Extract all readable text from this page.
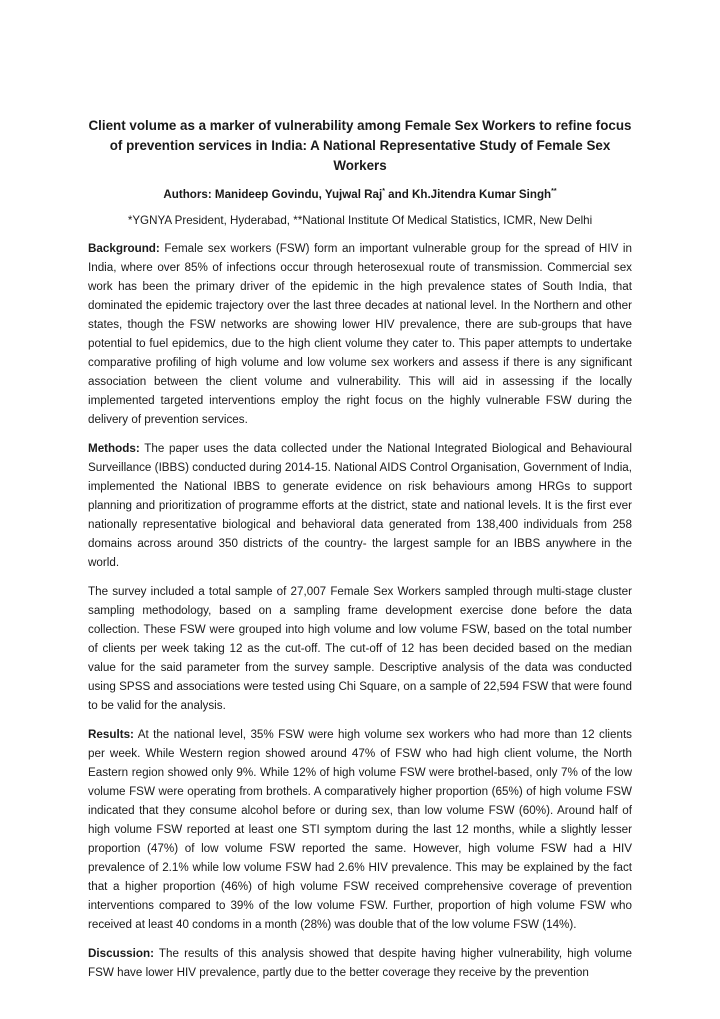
Client volume as a marker of vulnerability among Female Sex Workers to refine focus of prevention services in India: A National Representative Study of Female Sex Workers
Authors: Manideep Govindu, Yujwal Raj* and Kh.Jitendra Kumar Singh**
*YGNYA President, Hyderabad, **National Institute Of Medical Statistics, ICMR, New Delhi

Background: Female sex workers (FSW) form an important vulnerable group for the spread of HIV in India, where over 85% of infections occur through heterosexual route of transmission. Commercial sex work has been the primary driver of the epidemic in the high prevalence states of South India, that dominated the epidemic trajectory over the last three decades at national level. In the Northern and other states, though the FSW networks are showing lower HIV prevalence, there are sub-groups that have potential to fuel epidemics, due to the high client volume they cater to. This paper attempts to undertake comparative profiling of high volume and low volume sex workers and assess if there is any significant association between the client volume and vulnerability. This will aid in assessing if the locally implemented targeted interventions employ the right focus on the highly vulnerable FSW during the delivery of prevention services.

Methods: The paper uses the data collected under the National Integrated Biological and Behavioural Surveillance (IBBS) conducted during 2014-15. National AIDS Control Organisation, Government of India, implemented the National IBBS to generate evidence on risk behaviours among HRGs to support planning and prioritization of programme efforts at the district, state and national levels. It is the first ever nationally representative biological and behavioral data generated from 138,400 individuals from 258 domains across around 350 districts of the country- the largest sample for an IBBS anywhere in the world.

The survey included a total sample of 27,007 Female Sex Workers sampled through multi-stage cluster sampling methodology, based on a sampling frame development exercise done before the data collection. These FSW were grouped into high volume and low volume FSW, based on the total number of clients per week taking 12 as the cut-off. The cut-off of 12 has been decided based on the median value for the said parameter from the survey sample. Descriptive analysis of the data was conducted using SPSS and associations were tested using Chi Square, on a sample of 22,594 FSW that were found to be valid for the analysis.

Results: At the national level, 35% FSW were high volume sex workers who had more than 12 clients per week. While Western region showed around 47% of FSW who had high client volume, the North Eastern region showed only 9%. While 12% of high volume FSW were brothel-based, only 7% of the low volume FSW were operating from brothels. A comparatively higher proportion (65%) of high volume FSW indicated that they consume alcohol before or during sex, than low volume FSW (60%). Around half of high volume FSW reported at least one STI symptom during the last 12 months, while a slightly lesser proportion (47%) of low volume FSW reported the same. However, high volume FSW had a HIV prevalence of 2.1% while low volume FSW had 2.6% HIV prevalence. This may be explained by the fact that a higher proportion (46%) of high volume FSW received comprehensive coverage of prevention interventions compared to 39% of the low volume FSW. Further, proportion of high volume FSW who received at least 40 condoms in a month (28%) was double that of the low volume FSW (14%).

Discussion: The results of this analysis showed that despite having higher vulnerability, high volume FSW have lower HIV prevalence, partly due to the better coverage they receive by the prevention
